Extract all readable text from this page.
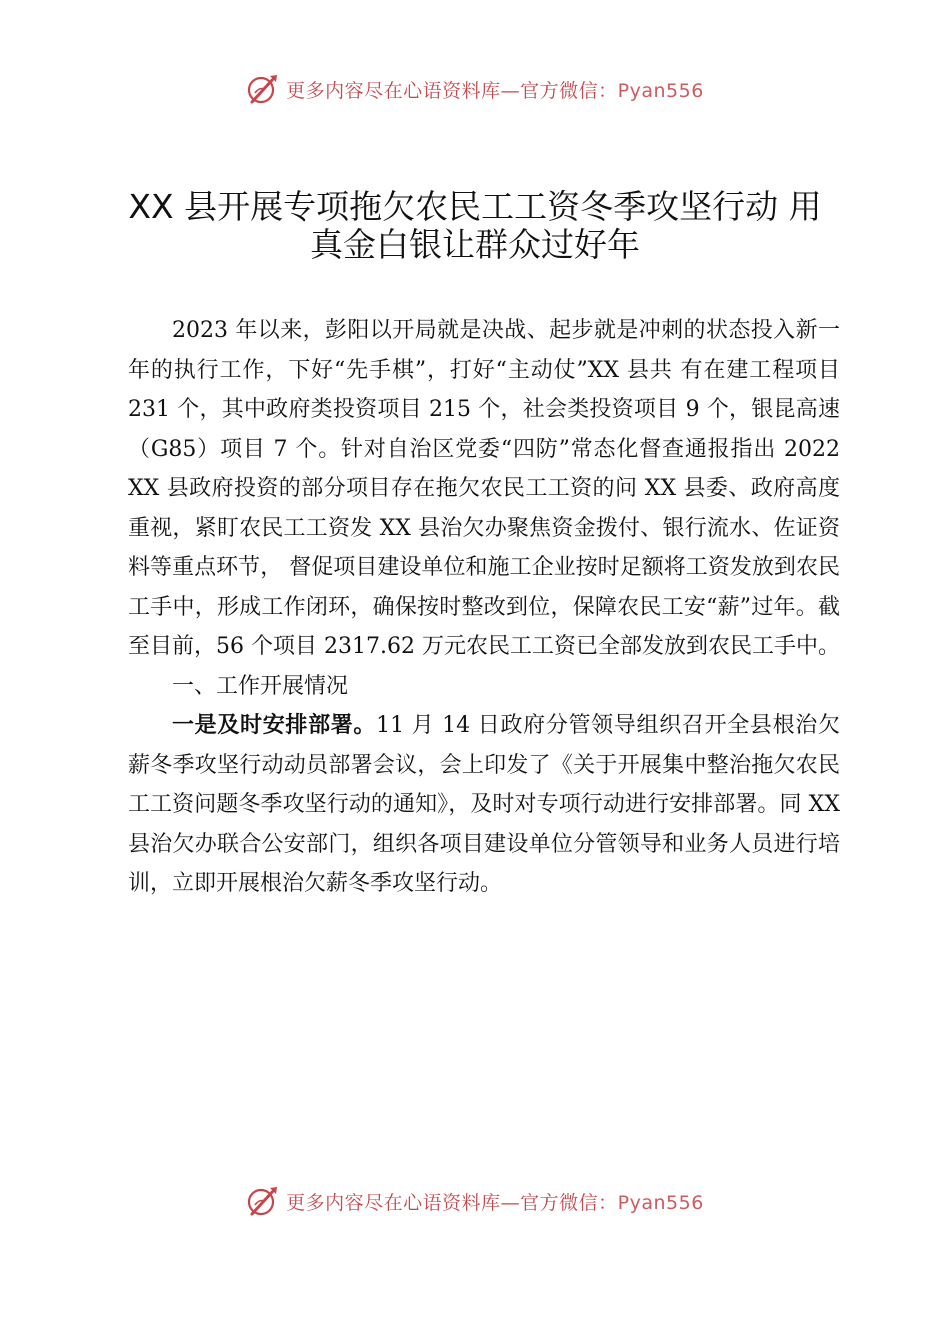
更多内容尽在心语资料库—官方微信：Pyan556
XX 县开展专项拖欠农民工工资冬季攻坚行动 用真金白银让群众过好年

2023 年以来，彭阳以开局就是决战、起步就是冲刺的状态投入新一年的执行工作，下好“先手棋”，打好“主动仗”XX 县共 有在建工程项目 231 个，其中政府类投资项目 215 个，社会类投资项目 9 个，银昆高速（G85）项目 7 个。针对自治区党委“四防”常态化督查通报指出 2022 XX 县政府投资的部分项目存在拖欠农民工工资的问 XX 县委、政府高度重视，紧盯农民工工资发 XX 县治欠办聚焦资金拨付、银行流水、佐证资料等重点环节， 督促项目建设单位和施工企业按时足额将工资发放到农民工手中，形成工作闭环，确保按时整改到位，保障农民工安“薪”过年。截至目前，56 个项目 2317.62 万元农民工工资已全部发放到农民工手中。

一、工作开展情况

一是及时安排部署。11 月 14 日政府分管领导组织召开全县根治欠薪冬季攻坚行动动员部署会议，会上印发了《关于开展集中整治拖欠农民工工资问题冬季攻坚行动的通知》，及时对专项行动进行安排部署。同 XX 县治欠办联合公安部门，组织各项目建设单位分管领导和业务人员进行培训，立即开展根治欠薪冬季攻坚行动。

更多内容尽在心语资料库—官方微信：Pyan556
